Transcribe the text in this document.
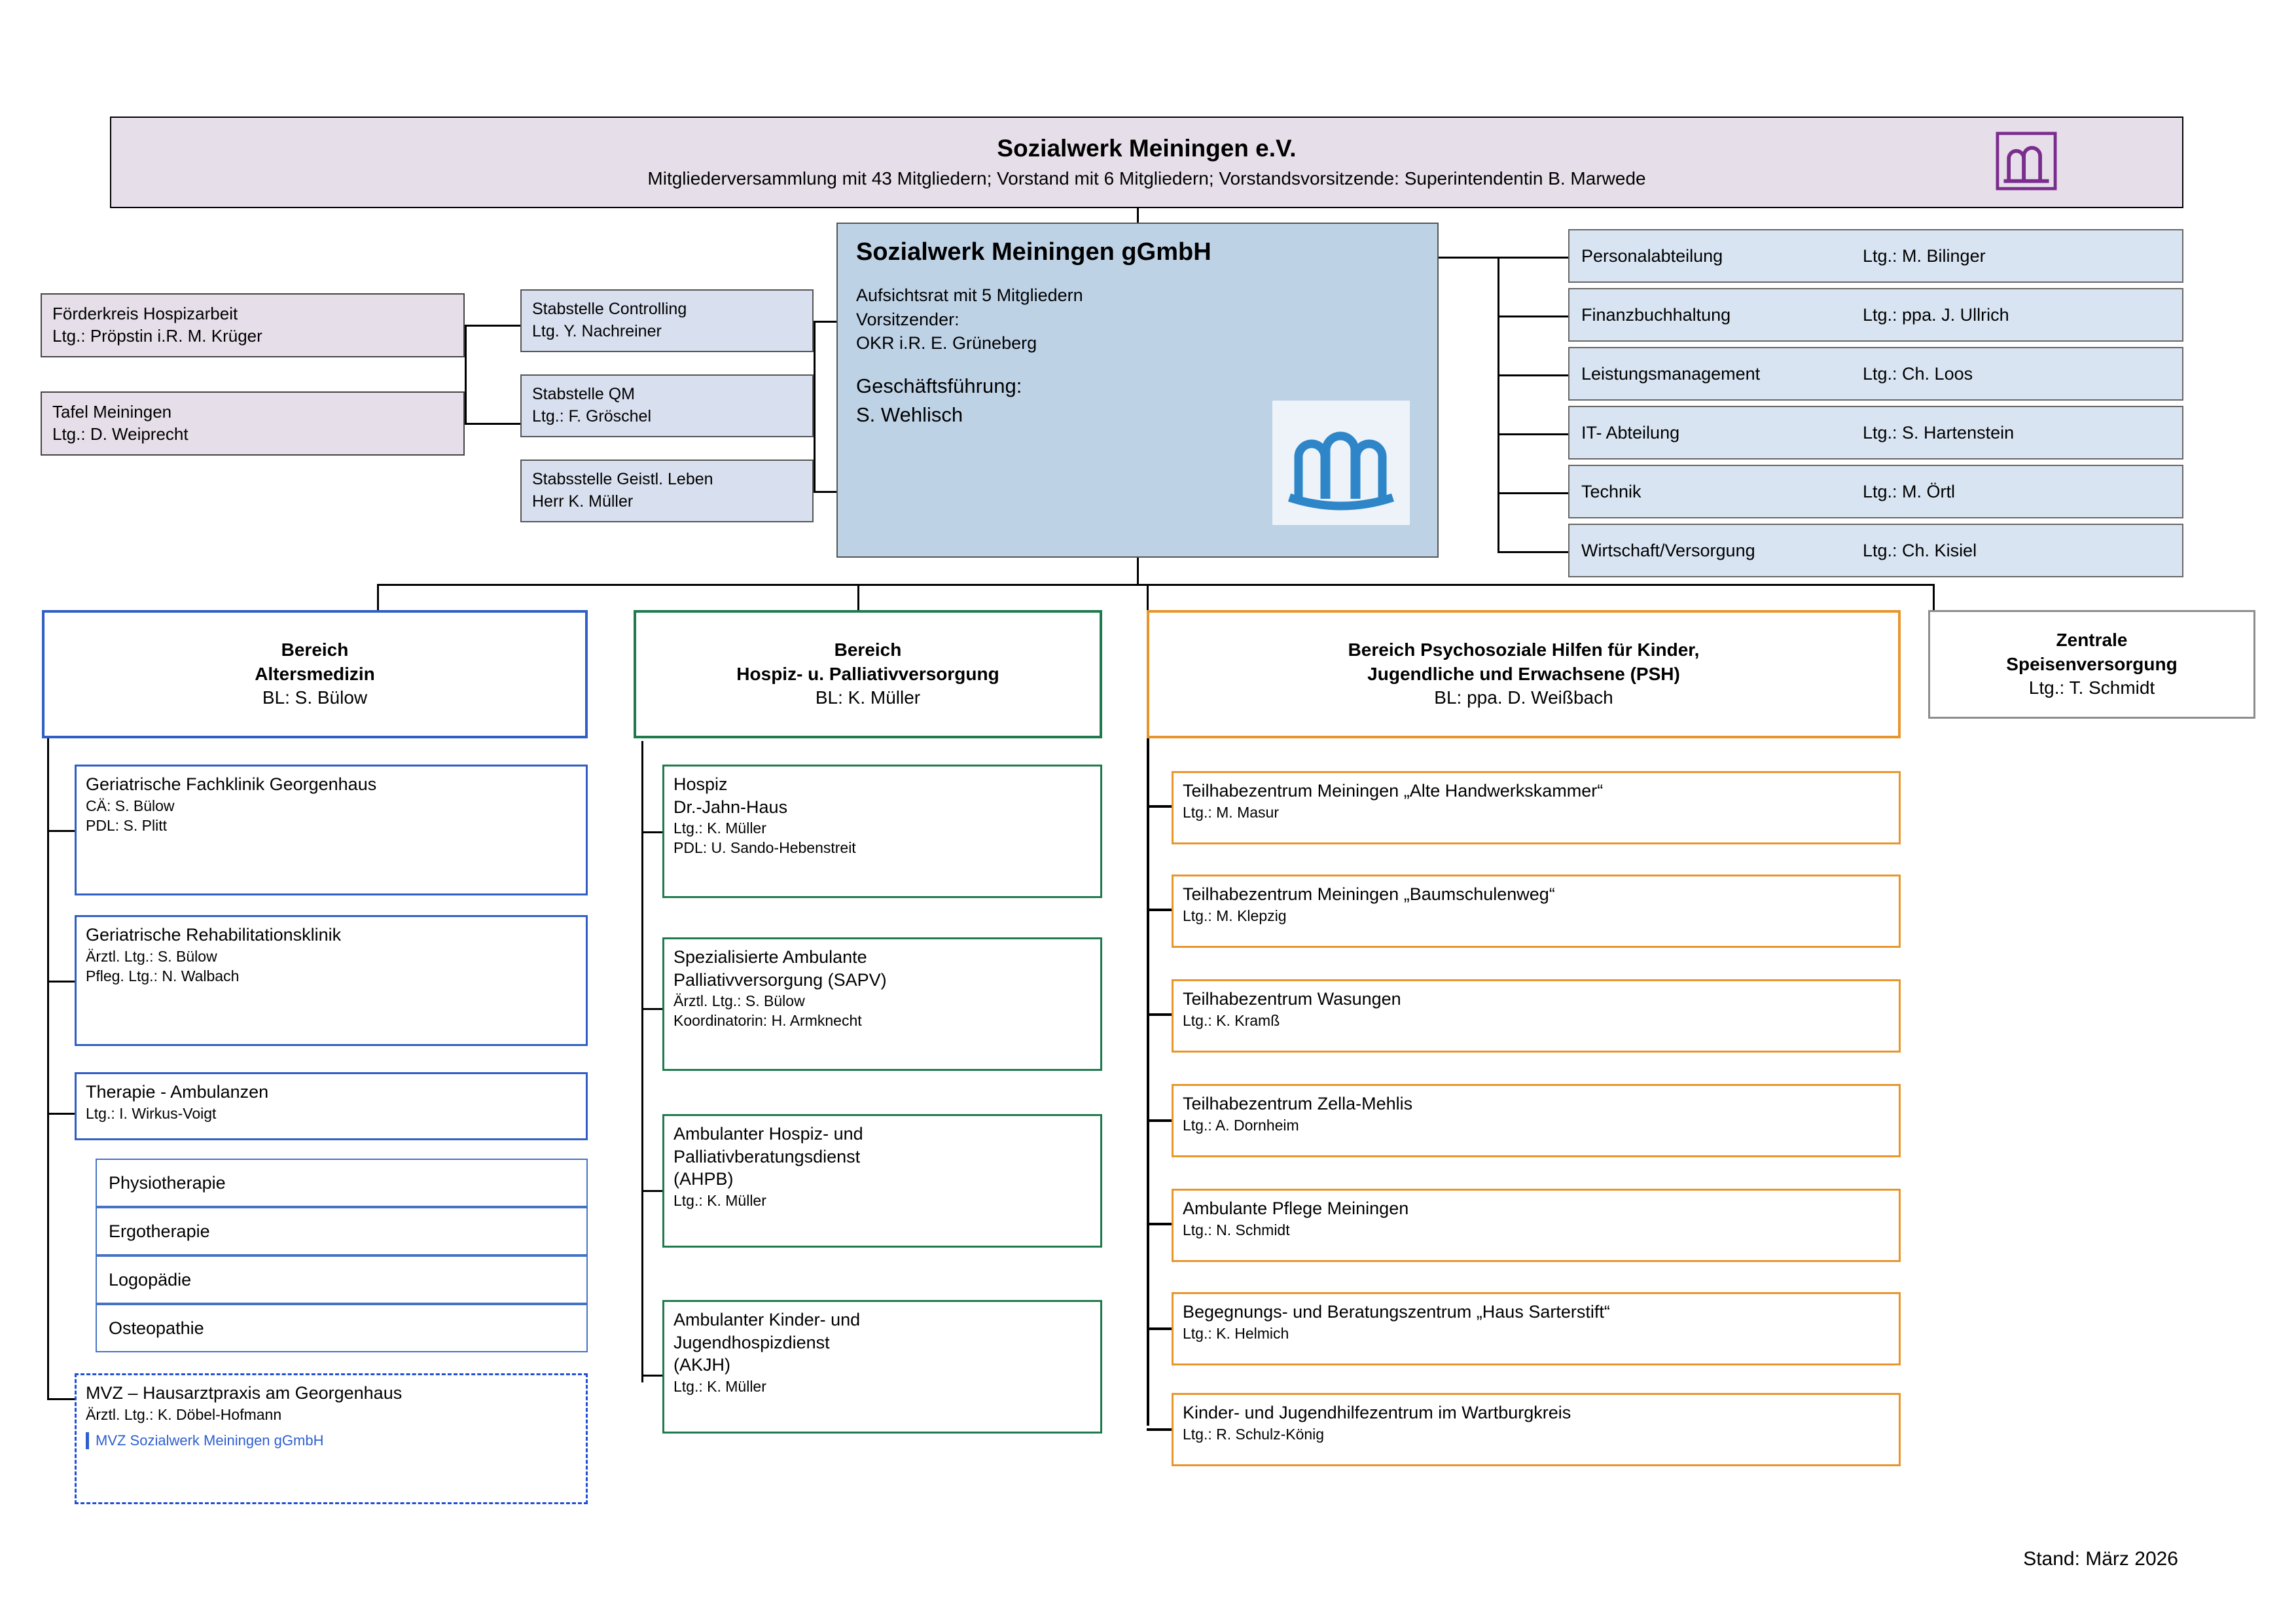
Sozialwerk Meiningen e.V.
Mitgliederversammlung mit 43 Mitgliedern; Vorstand mit 6 Mitgliedern; Vorstandsvorsitzende: Superintendentin B. Marwede
Förderkreis Hospizarbeit
Ltg.: Pröpstin i.R. M. Krüger
Tafel Meiningen
Ltg.: D. Weiprecht
Stabstelle Controlling
Ltg. Y. Nachreiner
Stabstelle QM
Ltg.: F. Gröschel
Stabsstelle Geistl. Leben
Herr K. Müller
Sozialwerk Meiningen gGmbH
Aufsichtsrat mit 5 Mitgliedern
Vorsitzender:
OKR i.R. E. Grüneberg
Geschäftsführung:
S. Wehlisch
Personalabteilung	Ltg.: M. Bilinger
Finanzbuchhaltung	Ltg.: ppa. J. Ullrich
Leistungsmanagement	Ltg.: Ch. Loos
IT- Abteilung	Ltg.: S. Hartenstein
Technik	Ltg.: M. Örtl
Wirtschaft/Versorgung	Ltg.: Ch. Kisiel
Bereich
Altersmedizin
BL: S. Bülow
Bereich
Hospiz- u. Palliativversorgung
BL: K. Müller
Bereich Psychosoziale Hilfen für Kinder,
Jugendliche und Erwachsene (PSH)
BL: ppa. D. Weißbach
Zentrale
Speisenversorgung
Ltg.: T. Schmidt
Geriatrische Fachklinik Georgenhaus
CÄ: S. Bülow
PDL: S. Plitt
Geriatrische Rehabilitationsklinik
Ärztl. Ltg.: S. Bülow
Pfleg. Ltg.: N. Walbach
Therapie - Ambulanzen
Ltg.: I. Wirkus-Voigt
Physiotherapie
Ergotherapie
Logopädie
Osteopathie
MVZ – Hausarztpraxis am Georgenhaus
Ärztl. Ltg.: K. Döbel-Hofmann
MVZ Sozialwerk Meiningen gGmbH
Hospiz
Dr.-Jahn-Haus
Ltg.: K. Müller
PDL: U. Sando-Hebenstreit
Spezialisierte Ambulante
Palliativversorgung (SAPV)
Ärztl. Ltg.: S. Bülow
Koordinatorin: H. Armknecht
Ambulanter Hospiz- und
Palliativberatungsdienst
(AHPB)
Ltg.: K. Müller
Ambulanter Kinder- und
Jugendhospizdienst
(AKJH)
Ltg.: K. Müller
Teilhabezentrum Meiningen „Alte Handwerkskammer“
Ltg.: M. Masur
Teilhabezentrum Meiningen „Baumschulenweg“
Ltg.: M. Klepzig
Teilhabezentrum Wasungen
Ltg.: K. Kramß
Teilhabezentrum Zella-Mehlis
Ltg.: A. Dornheim
Ambulante Pflege Meiningen
Ltg.: N. Schmidt
Begegnungs- und Beratungszentrum „Haus Sarterstift“
Ltg.: K. Helmich
Kinder- und Jugendhilfezentrum im Wartburgkreis
Ltg.: R. Schulz-König
Stand: März 2026
